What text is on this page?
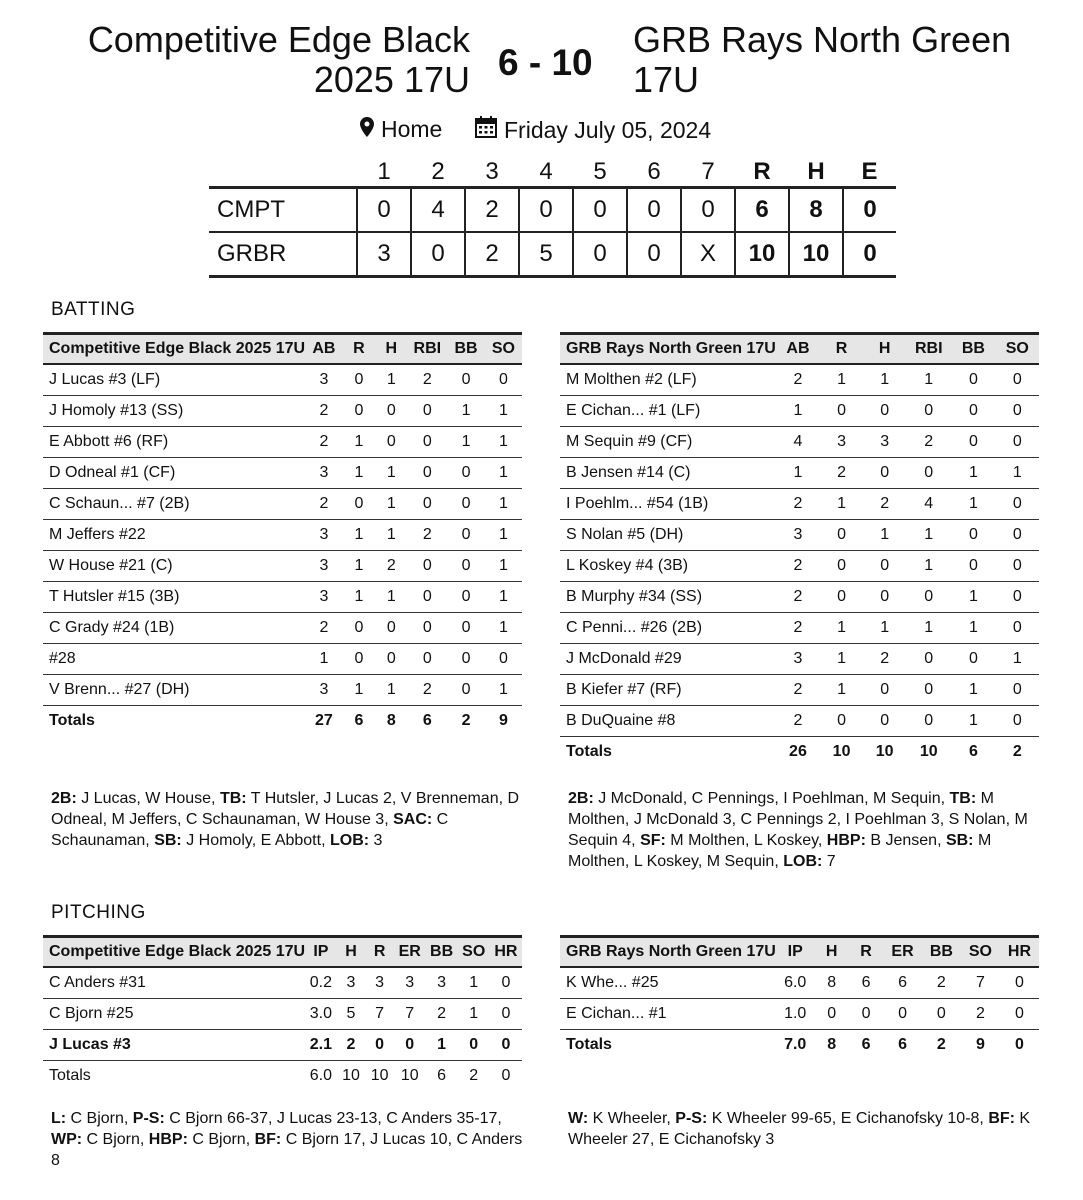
Competitive Edge Black
2025 17U 6 - 10
GRB Rays North Green
17U
Home	Friday July 05, 2024
	1	2	3	4	5	6	7	R	H	E
CMPT	0	4	2	0	0	0	0	6	8	0
GRBR	3	0	2	5	0	0	X	10	10	0
BATTING
Competitive Edge Black 2025 17U	AB	R	H	RBI	BB	SO
J Lucas #3 (LF)	3	0	1	2	0	0
J Homoly #13 (SS)	2	0	0	0	1	1
E Abbott #6 (RF)	2	1	0	0	1	1
D Odneal #1 (CF)	3	1	1	0	0	1
C Schaun... #7 (2B)	2	0	1	0	0	1
M Jeffers #22	3	1	1	2	0	1
W House #21 (C)	3	1	2	0	0	1
T Hutsler #15 (3B)	3	1	1	0	0	1
C Grady #24 (1B)	2	0	0	0	0	1
#28	1	0	0	0	0	0
V Brenn... #27 (DH)	3	1	1	2	0	1
Totals	27	6	8	6	2	9
2B: J Lucas, W House, TB: T Hutsler, J Lucas 2, V Brenneman, D Odneal, M Jeffers, C Schaunaman, W House 3, SAC: C Schaunaman, SB: J Homoly, E Abbott, LOB: 3
GRB Rays North Green 17U	AB	R	H	RBI	BB	SO
M Molthen #2 (LF)	2	1	1	1	0	0
E Cichan... #1 (LF)	1	0	0	0	0	0
M Sequin #9 (CF)	4	3	3	2	0	0
B Jensen #14 (C)	1	2	0	0	1	1
I Poehlm... #54 (1B)	2	1	2	4	1	0
S Nolan #5 (DH)	3	0	1	1	0	0
L Koskey #4 (3B)	2	0	0	1	0	0
B Murphy #34 (SS)	2	0	0	0	1	0
C Penni... #26 (2B)	2	1	1	1	1	0
J McDonald #29	3	1	2	0	0	1
B Kiefer #7 (RF)	2	1	0	0	1	0
B DuQuaine #8	2	0	0	0	1	0
Totals	26	10	10	10	6	2
2B: J McDonald, C Pennings, I Poehlman, M Sequin, TB: M Molthen, J McDonald 3, C Pennings 2, I Poehlman 3, S Nolan, M Sequin 4, SF: M Molthen, L Koskey, HBP: B Jensen, SB: M Molthen, L Koskey, M Sequin, LOB: 7
PITCHING
Competitive Edge Black 2025 17U	IP	H	R	ER	BB	SO	HR
C Anders #31	0.2	3	3	3	3	1	0
C Bjorn #25	3.0	5	7	7	2	1	0
J Lucas #3	2.1	2	0	0	1	0	0
Totals	6.0	10	10	10	6	2	0
L: C Bjorn, P-S: C Bjorn 66-37, J Lucas 23-13, C Anders 35-17, WP: C Bjorn, HBP: C Bjorn, BF: C Bjorn 17, J Lucas 10, C Anders 8
GRB Rays North Green 17U	IP	H	R	ER	BB	SO	HR
K Whe... #25	6.0	8	6	6	2	7	0
E Cichan... #1	1.0	0	0	0	0	2	0
Totals	7.0	8	6	6	2	9	0
W: K Wheeler, P-S: K Wheeler 99-65, E Cichanofsky 10-8, BF: K Wheeler 27, E Cichanofsky 3
